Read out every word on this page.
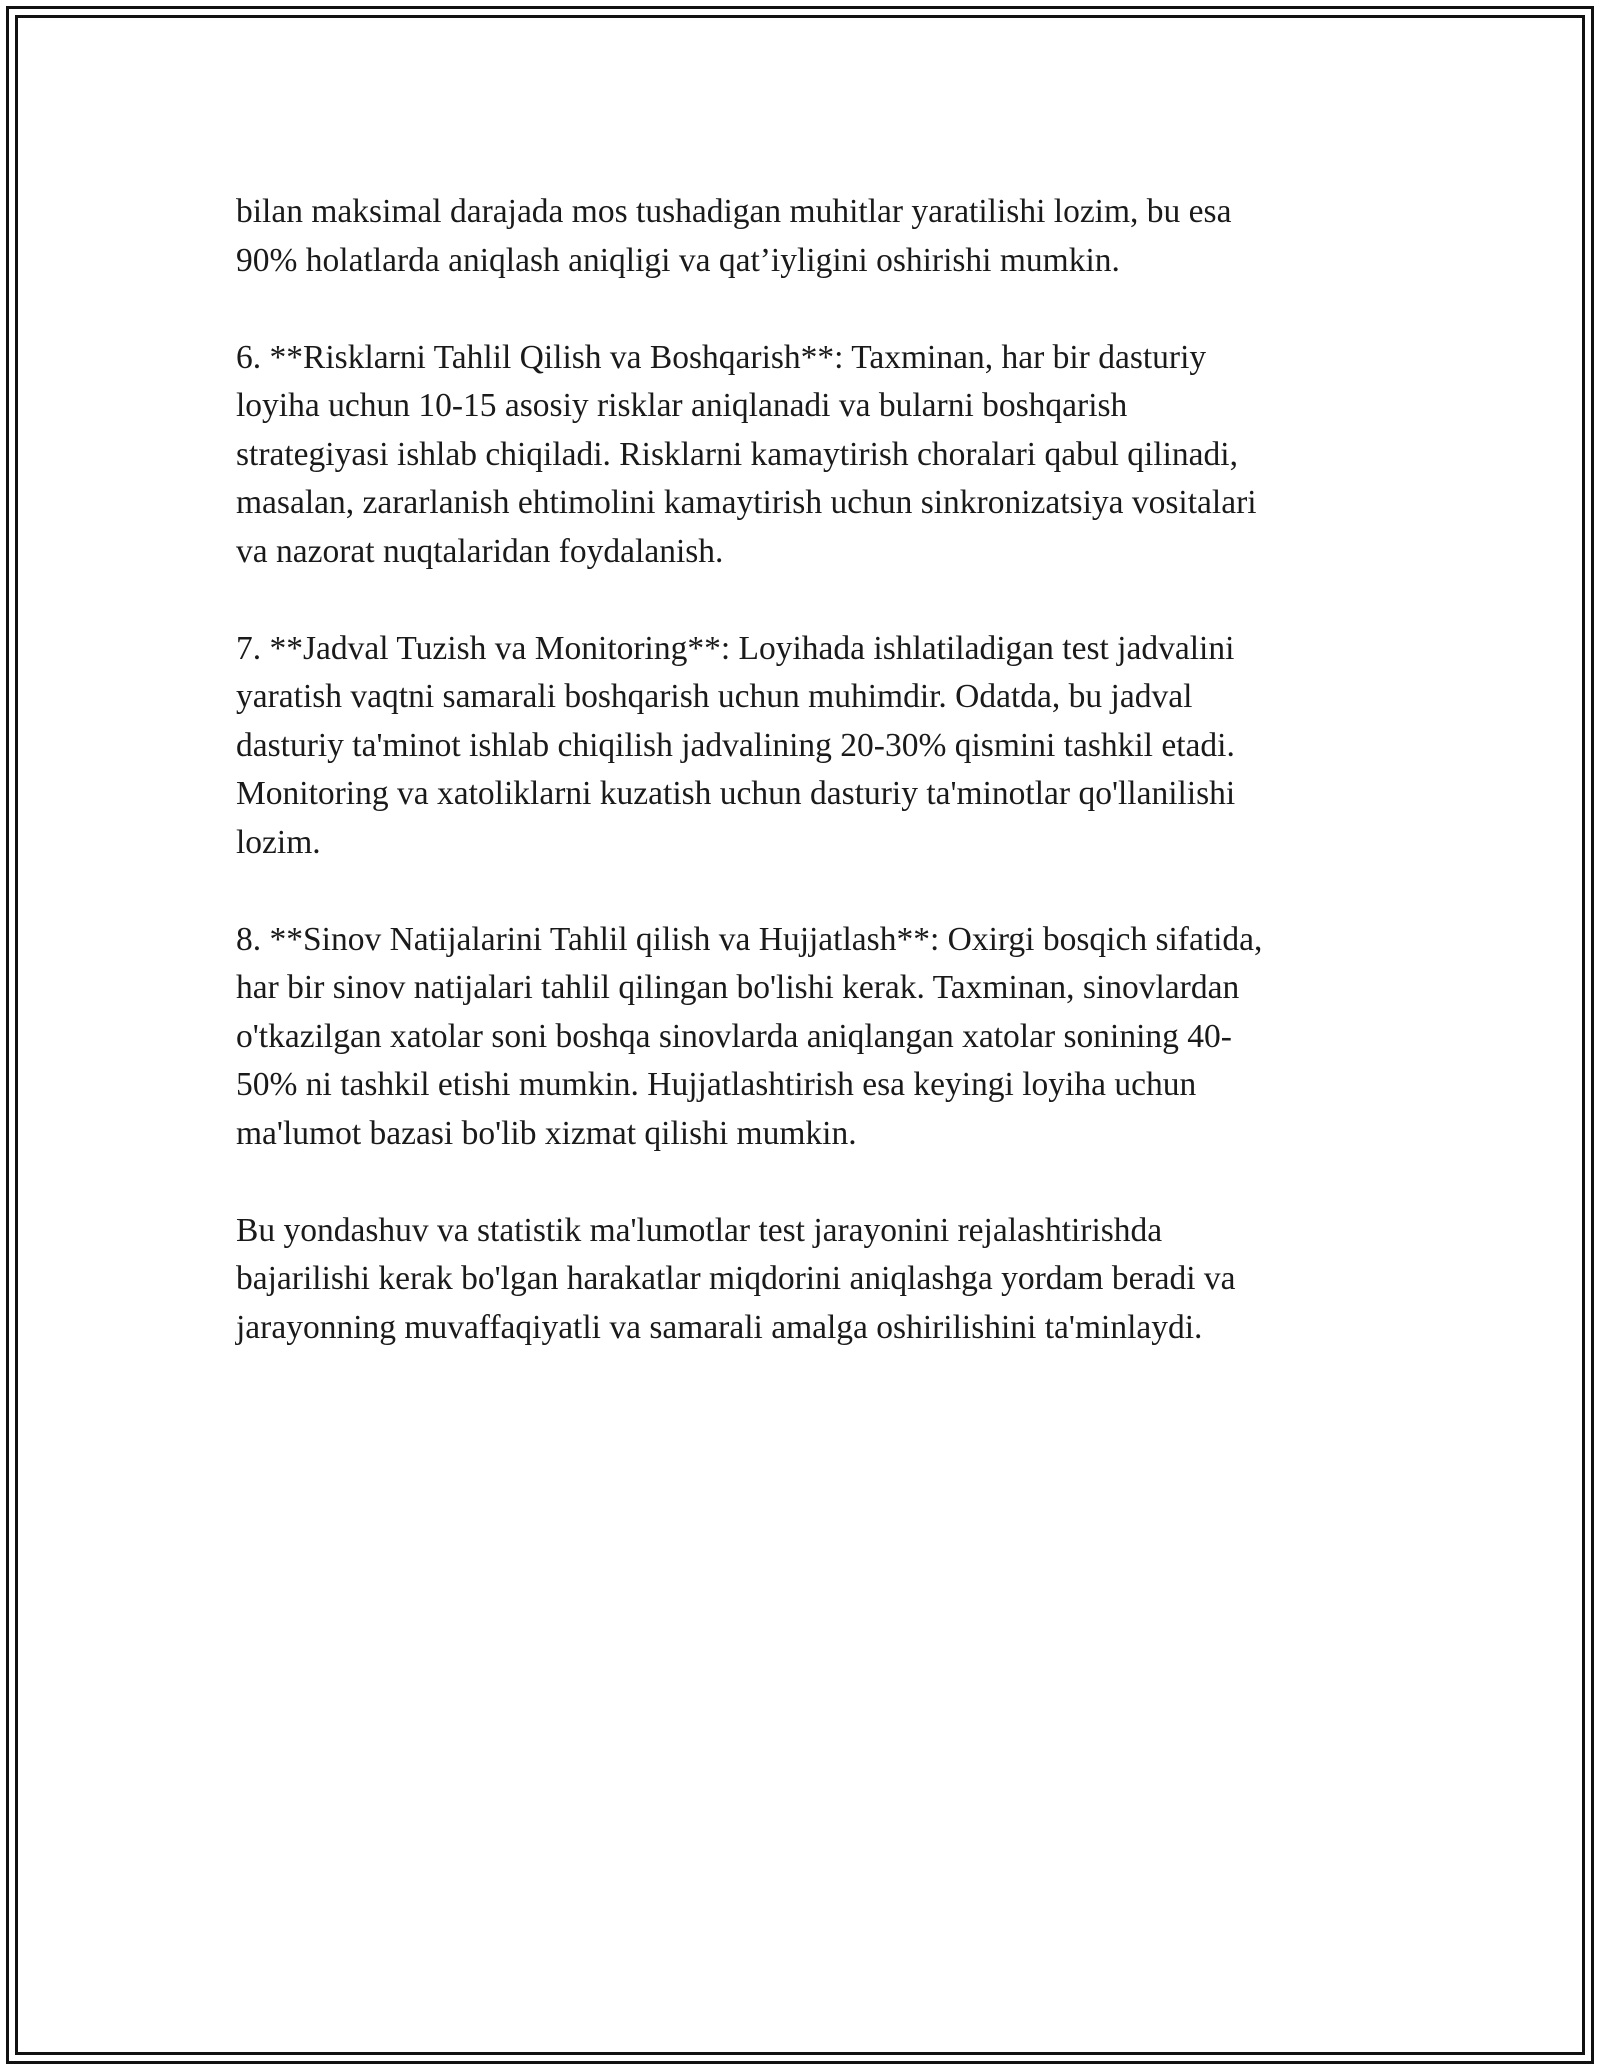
bilan maksimal darajada mos tushadigan muhitlar yaratilishi lozim, bu esa
90% holatlarda aniqlash aniqligi va qat’iyligini oshirishi mumkin.

6. **Risklarni Tahlil Qilish va Boshqarish**: Taxminan, har bir dasturiy
loyiha uchun 10-15 asosiy risklar aniqlanadi va bularni boshqarish
strategiyasi ishlab chiqiladi. Risklarni kamaytirish choralari qabul qilinadi,
masalan, zararlanish ehtimolini kamaytirish uchun sinkronizatsiya vositalari
va nazorat nuqtalaridan foydalanish.

7. **Jadval Tuzish va Monitoring**: Loyihada ishlatiladigan test jadvalini
yaratish vaqtni samarali boshqarish uchun muhimdir. Odatda, bu jadval
dasturiy ta'minot ishlab chiqilish jadvalining 20-30% qismini tashkil etadi.
Monitoring va xatoliklarni kuzatish uchun dasturiy ta'minotlar qo'llanilishi
lozim.

8. **Sinov Natijalarini Tahlil qilish va Hujjatlash**: Oxirgi bosqich sifatida,
har bir sinov natijalari tahlil qilingan bo'lishi kerak. Taxminan, sinovlardan
o'tkazilgan xatolar soni boshqa sinovlarda aniqlangan xatolar sonining 40-
50% ni tashkil etishi mumkin. Hujjatlashtirish esa keyingi loyiha uchun
ma'lumot bazasi bo'lib xizmat qilishi mumkin.

Bu yondashuv va statistik ma'lumotlar test jarayonini rejalashtirishda
bajarilishi kerak bo'lgan harakatlar miqdorini aniqlashga yordam beradi va
jarayonning muvaffaqiyatli va samarali amalga oshirilishini ta'minlaydi.
